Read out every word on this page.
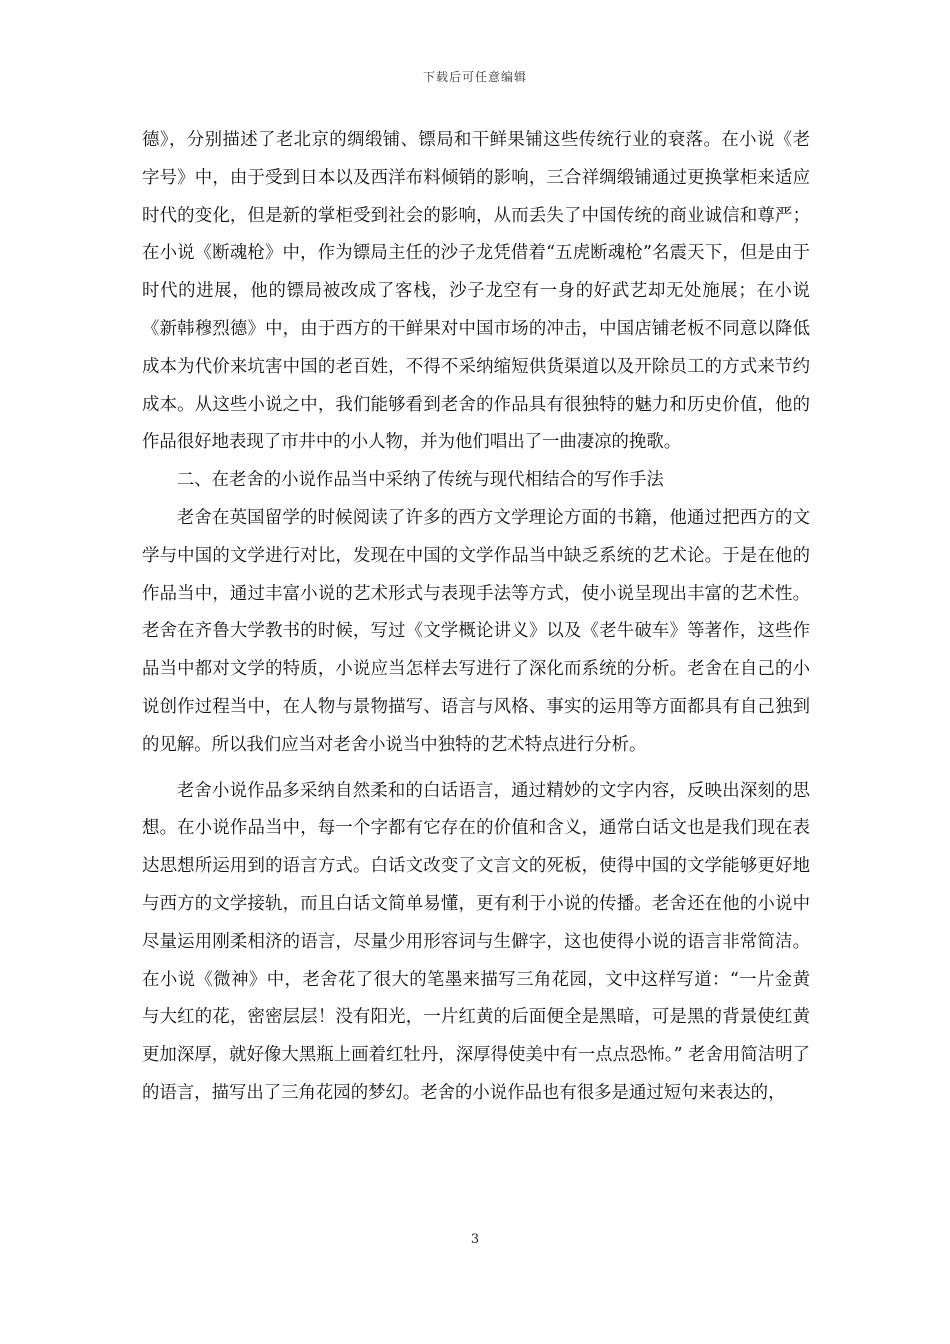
下载后可任意编辑

德》，分别描述了老北京的绸缎铺、镖局和干鲜果铺这些传统行业的衰落。在小说《老字号》中，由于受到日本以及西洋布料倾销的影响，三合祥绸缎铺通过更换掌柜来适应时代的变化，但是新的掌柜受到社会的影响，从而丢失了中国传统的商业诚信和尊严；在小说《断魂枪》中，作为镖局主任的沙子龙凭借着“五虎断魂枪”名震天下，但是由于时代的进展，他的镖局被改成了客栈，沙子龙空有一身的好武艺却无处施展；在小说《新韩穆烈德》中，由于西方的干鲜果对中国市场的冲击，中国店铺老板不同意以降低成本为代价来坑害中国的老百姓，不得不采纳缩短供货渠道以及开除员工的方式来节约成本。从这些小说之中，我们能够看到老舍的作品具有很独特的魅力和历史价值，他的作品很好地表现了市井中的小人物，并为他们唱出了一曲凄凉的挽歌。

二、在老舍的小说作品当中采纳了传统与现代相结合的写作手法

老舍在英国留学的时候阅读了许多的西方文学理论方面的书籍，他通过把西方的文学与中国的文学进行对比，发现在中国的文学作品当中缺乏系统的艺术论。于是在他的作品当中，通过丰富小说的艺术形式与表现手法等方式，使小说呈现出丰富的艺术性。老舍在齐鲁大学教书的时候，写过《文学概论讲义》以及《老牛破车》等著作，这些作品当中都对文学的特质，小说应当怎样去写进行了深化而系统的分析。老舍在自己的小说创作过程当中，在人物与景物描写、语言与风格、事实的运用等方面都具有自己独到的见解。所以我们应当对老舍小说当中独特的艺术特点进行分析。

老舍小说作品多采纳自然柔和的白话语言，通过精妙的文字内容，反映出深刻的思想。在小说作品当中，每一个字都有它存在的价值和含义，通常白话文也是我们现在表达思想所运用到的语言方式。白话文改变了文言文的死板，使得中国的文学能够更好地与西方的文学接轨，而且白话文简单易懂，更有利于小说的传播。老舍还在他的小说中尽量运用刚柔相济的语言，尽量少用形容词与生僻字，这也使得小说的语言非常简洁。在小说《微神》中，老舍花了很大的笔墨来描写三角花园，文中这样写道：“一片金黄与大红的花，密密层层！没有阳光，一片红黄的后面便全是黑暗，可是黑的背景使红黄更加深厚，就好像大黑瓶上画着红牡丹，深厚得使美中有一点点恐怖。” 老舍用简洁明了的语言，描写出了三角花园的梦幻。老舍的小说作品也有很多是通过短句来表达的，

3
